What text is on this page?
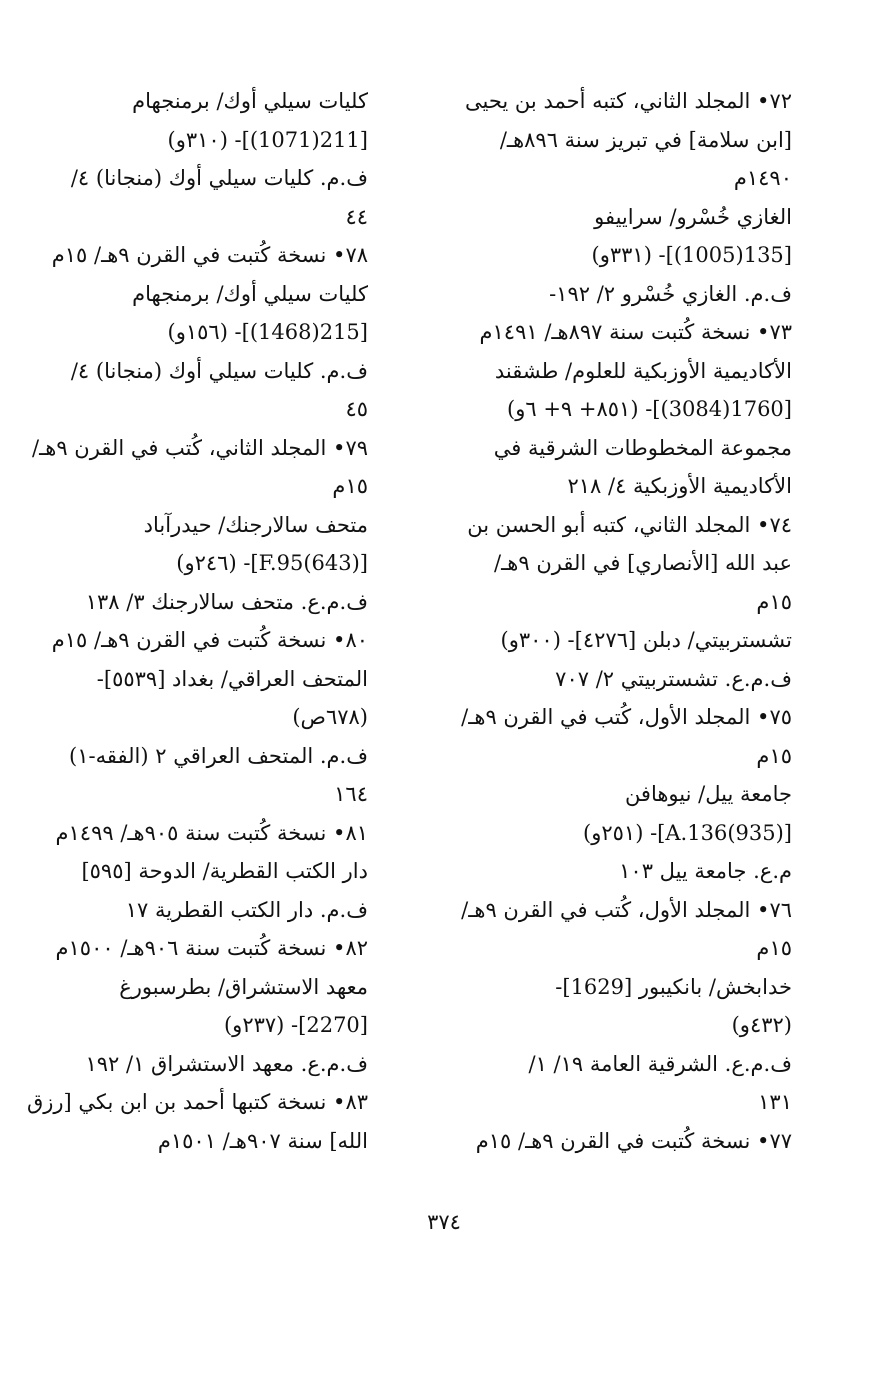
٧٢• المجلد الثاني، كتبه أحمد بن يحيى
[ابن سلامة] في تبريز سنة ٨٩٦هـ/
١٤٩٠م
الغازي خُسْرو/ سراييفو
[135(1005)]- (٣٣١و)
ف.م. الغازي خُسْرو ٢/ ١٩٢-
٧٣• نسخة كُتبت سنة ٨٩٧هـ/ ١٤٩١م
الأكاديمية الأوزبكية للعلوم/ طشقند
[1760(3084)]- (٨٥١+ ٩+ ٦و)
مجموعة المخطوطات الشرقية في
الأكاديمية الأوزبكية ٤/ ٢١٨
٧٤• المجلد الثاني، كتبه أبو الحسن بن
عبد الله [الأنصاري] في القرن ٩هـ/
١٥م
تشستربيتي/ دبلن [٤٢٧٦]- (٣٠٠و)
ف.م.ع. تشستربيتي ٢/ ٧٠٧
٧٥• المجلد الأول، كُتب في القرن ٩هـ/
١٥م
جامعة ييل/ نيوهافن
[A.136(935)]- (٢٥١و)
م.ع. جامعة ييل ١٠٣
٧٦• المجلد الأول، كُتب في القرن ٩هـ/
١٥م
خدابخش/ بانكيبور [1629]-
(٤٣٢و)
ف.م.ع. الشرقية العامة ١٩/ ١/
١٣١
٧٧• نسخة كُتبت في القرن ٩هـ/ ١٥م
كليات سيلي أوك/ برمنجهام
[211(1071)]- (٣١٠و)
ف.م. كليات سيلي أوك (منجانا) ٤/
٤٤
٧٨• نسخة كُتبت في القرن ٩هـ/ ١٥م
كليات سيلي أوك/ برمنجهام
[215(1468)]- (١٥٦و)
ف.م. كليات سيلي أوك (منجانا) ٤/
٤٥
٧٩• المجلد الثاني، كُتب في القرن ٩هـ/
١٥م
متحف سالارجنك/ حيدرآباد
[F.95(643)]- (٢٤٦و)
ف.م.ع. متحف سالارجنك ٣/ ١٣٨
٨٠• نسخة كُتبت في القرن ٩هـ/ ١٥م
المتحف العراقي/ بغداد [٥٥٣٩]-
(٦٧٨ص)
ف.م. المتحف العراقي ٢ (الفقه-١)
١٦٤
٨١• نسخة كُتبت سنة ٩٠٥هـ/ ١٤٩٩م
دار الكتب القطرية/ الدوحة [٥٩٥]
ف.م. دار الكتب القطرية ١٧
٨٢• نسخة كُتبت سنة ٩٠٦هـ/ ١٥٠٠م
معهد الاستشراق/ بطرسبورغ
[2270]- (٢٣٧و)
ف.م.ع. معهد الاستشراق ١/ ١٩٢
٨٣• نسخة كتبها أحمد بن ابن بكي [رزق
الله] سنة ٩٠٧هـ/ ١٥٠١م
٣٧٤
